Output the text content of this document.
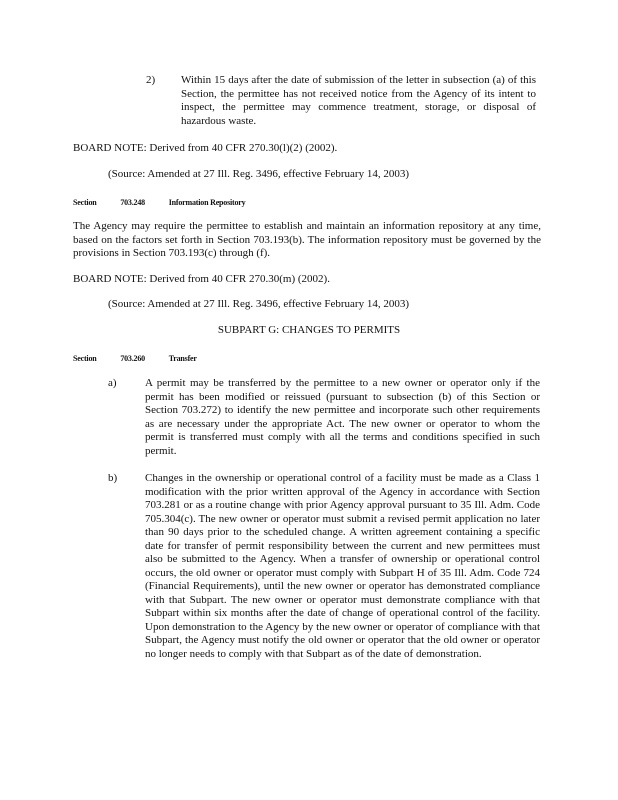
2) Within 15 days after the date of submission of the letter in subsection (a) of this Section, the permittee has not received notice from the Agency of its intent to inspect, the permittee may commence treatment, storage, or disposal of hazardous waste.
BOARD NOTE: Derived from 40 CFR 270.30(l)(2) (2002).
(Source: Amended at 27 Ill. Reg. 3496, effective February 14, 2003)
Section	703.248	Information Repository
The Agency may require the permittee to establish and maintain an information repository at any time, based on the factors set forth in Section 703.193(b). The information repository must be governed by the provisions in Section 703.193(c) through (f).
BOARD NOTE: Derived from 40 CFR 270.30(m) (2002).
(Source: Amended at 27 Ill. Reg. 3496, effective February 14, 2003)
SUBPART G: CHANGES TO PERMITS
Section	703.260	Transfer
a)	A permit may be transferred by the permittee to a new owner or operator only if the permit has been modified or reissued (pursuant to subsection (b) of this Section or Section 703.272) to identify the new permittee and incorporate such other requirements as are necessary under the appropriate Act. The new owner or operator to whom the permit is transferred must comply with all the terms and conditions specified in such permit.
b)	Changes in the ownership or operational control of a facility must be made as a Class 1 modification with the prior written approval of the Agency in accordance with Section 703.281 or as a routine change with prior Agency approval pursuant to 35 Ill. Adm. Code 705.304(c). The new owner or operator must submit a revised permit application no later than 90 days prior to the scheduled change. A written agreement containing a specific date for transfer of permit responsibility between the current and new permittees must also be submitted to the Agency. When a transfer of ownership or operational control occurs, the old owner or operator must comply with Subpart H of 35 Ill. Adm. Code 724 (Financial Requirements), until the new owner or operator has demonstrated compliance with that Subpart. The new owner or operator must demonstrate compliance with that Subpart within six months after the date of change of operational control of the facility. Upon demonstration to the Agency by the new owner or operator of compliance with that Subpart, the Agency must notify the old owner or operator that the old owner or operator no longer needs to comply with that Subpart as of the date of demonstration.
